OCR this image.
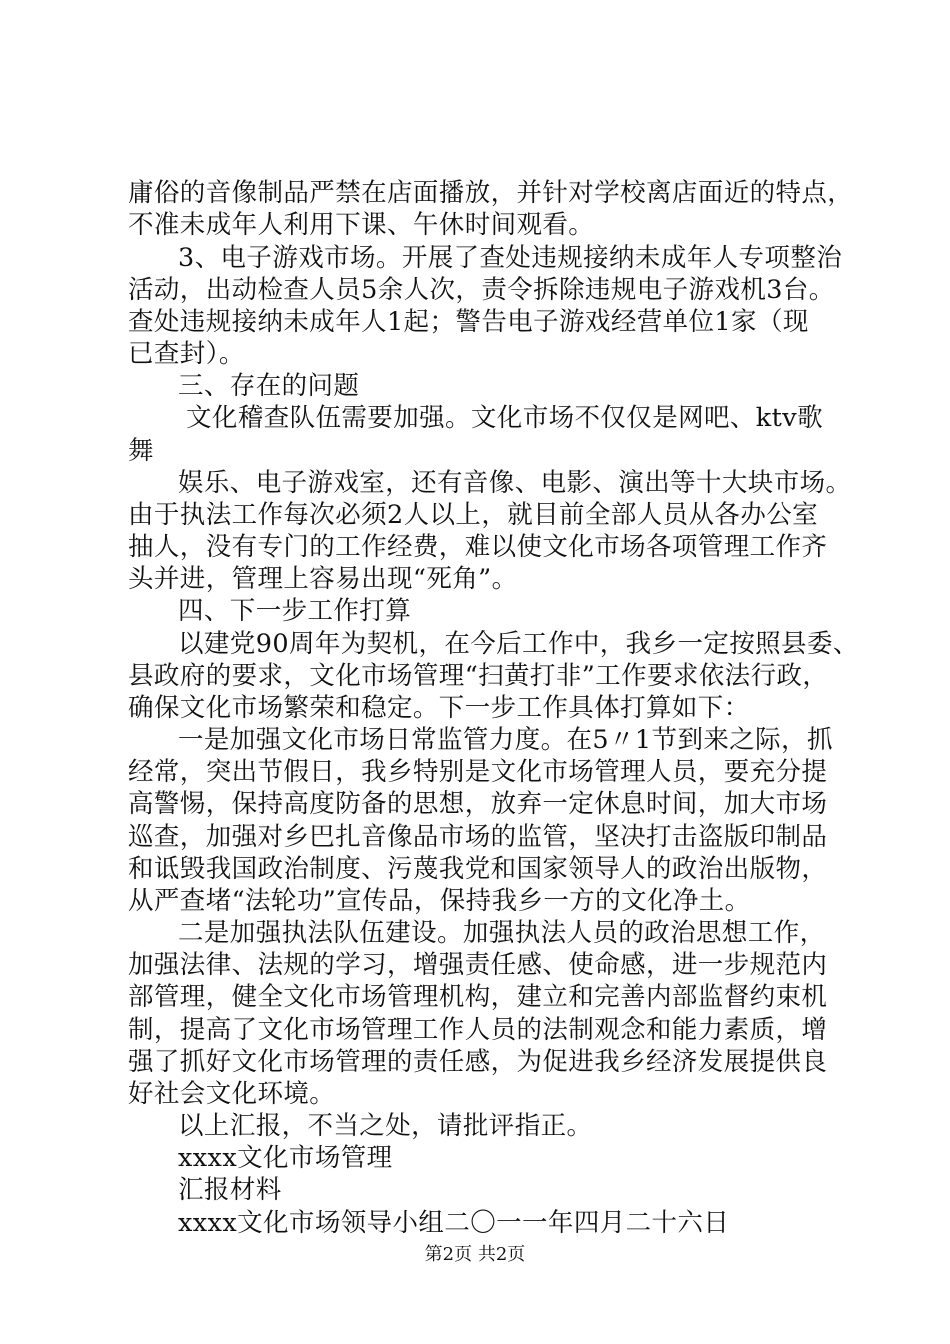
庸俗的音像制品严禁在店面播放，并针对学校离店面近的特点，
不准未成年人利用下课、午休时间观看。
3、电子游戏市场。开展了查处违规接纳未成年人专项整治
活动，出动检查人员5余人次，责令拆除违规电子游戏机3台。
查处违规接纳未成年人1起；警告电子游戏经营单位1家（现
已查封）。
三、存在的问题
文化稽查队伍需要加强。文化市场不仅仅是网吧、ktv歌
舞
娱乐、电子游戏室，还有音像、电影、演出等十大块市场。
由于执法工作每次必须2人以上，就目前全部人员从各办公室
抽人，没有专门的工作经费，难以使文化市场各项管理工作齐
头并进，管理上容易出现“死角”。
四、下一步工作打算
以建党90周年为契机，在今后工作中，我乡一定按照县委、
县政府的要求，文化市场管理“扫黄打非”工作要求依法行政，
确保文化市场繁荣和稳定。下一步工作具体打算如下：
一是加强文化市场日常监管力度。在5〃1节到来之际，抓
经常，突出节假日，我乡特别是文化市场管理人员，要充分提
高警惕，保持高度防备的思想，放弃一定休息时间，加大市场
巡查，加强对乡巴扎音像品市场的监管，坚决打击盗版印制品
和诋毁我国政治制度、污蔑我党和国家领导人的政治出版物，
从严查堵“法轮功”宣传品，保持我乡一方的文化净土。
二是加强执法队伍建设。加强执法人员的政治思想工作，
加强法律、法规的学习，增强责任感、使命感，进一步规范内
部管理，健全文化市场管理机构，建立和完善内部监督约束机
制，提高了文化市场管理工作人员的法制观念和能力素质，增
强了抓好文化市场管理的责任感，为促进我乡经济发展提供良
好社会文化环境。
以上汇报，不当之处，请批评指正。
xxxx文化市场管理
汇报材料
xxxx文化市场领导小组二〇一一年四月二十六日
第2页 共2页
